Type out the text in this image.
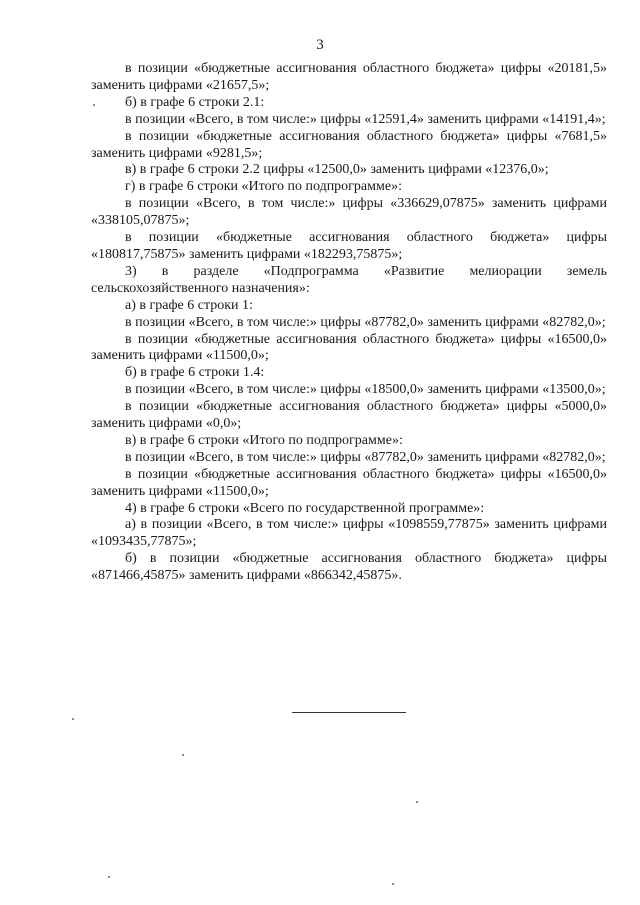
3

в позиции «бюджетные ассигнования областного бюджета» цифры «20181,5» заменить цифрами «21657,5»;

б) в графе 6 строки 2.1:

в позиции «Всего, в том числе:» цифры «12591,4» заменить цифрами «14191,4»;

в позиции «бюджетные ассигнования областного бюджета» цифры «7681,5» заменить цифрами «9281,5»;

в) в графе 6 строки 2.2 цифры «12500,0» заменить цифрами «12376,0»;

г) в графе 6 строки «Итого по подпрограмме»:

в позиции «Всего, в том числе:» цифры «336629,07875» заменить цифрами «338105,07875»;

в позиции «бюджетные ассигнования областного бюджета» цифры «180817,75875» заменить цифрами «182293,75875»;

3) в разделе «Подпрограмма «Развитие мелиорации земель сельскохозяйственного назначения»:

а) в графе 6 строки 1:

в позиции «Всего, в том числе:» цифры «87782,0» заменить цифрами «82782,0»;

в позиции «бюджетные ассигнования областного бюджета» цифры «16500,0» заменить цифрами «11500,0»;

б) в графе 6 строки 1.4:

в позиции «Всего, в том числе:» цифры «18500,0» заменить цифрами «13500,0»;

в позиции «бюджетные ассигнования областного бюджета» цифры «5000,0» заменить цифрами «0,0»;

в) в графе 6 строки «Итого по подпрограмме»:

в позиции «Всего, в том числе:» цифры «87782,0» заменить цифрами «82782,0»;

в позиции «бюджетные ассигнования областного бюджета» цифры «16500,0» заменить цифрами «11500,0»;

4) в графе 6 строки «Всего по государственной программе»:

а) в позиции «Всего, в том числе:» цифры «1098559,77875» заменить цифрами «1093435,77875»;

б) в позиции «бюджетные ассигнования областного бюджета» цифры «871466,45875» заменить цифрами «866342,45875».
